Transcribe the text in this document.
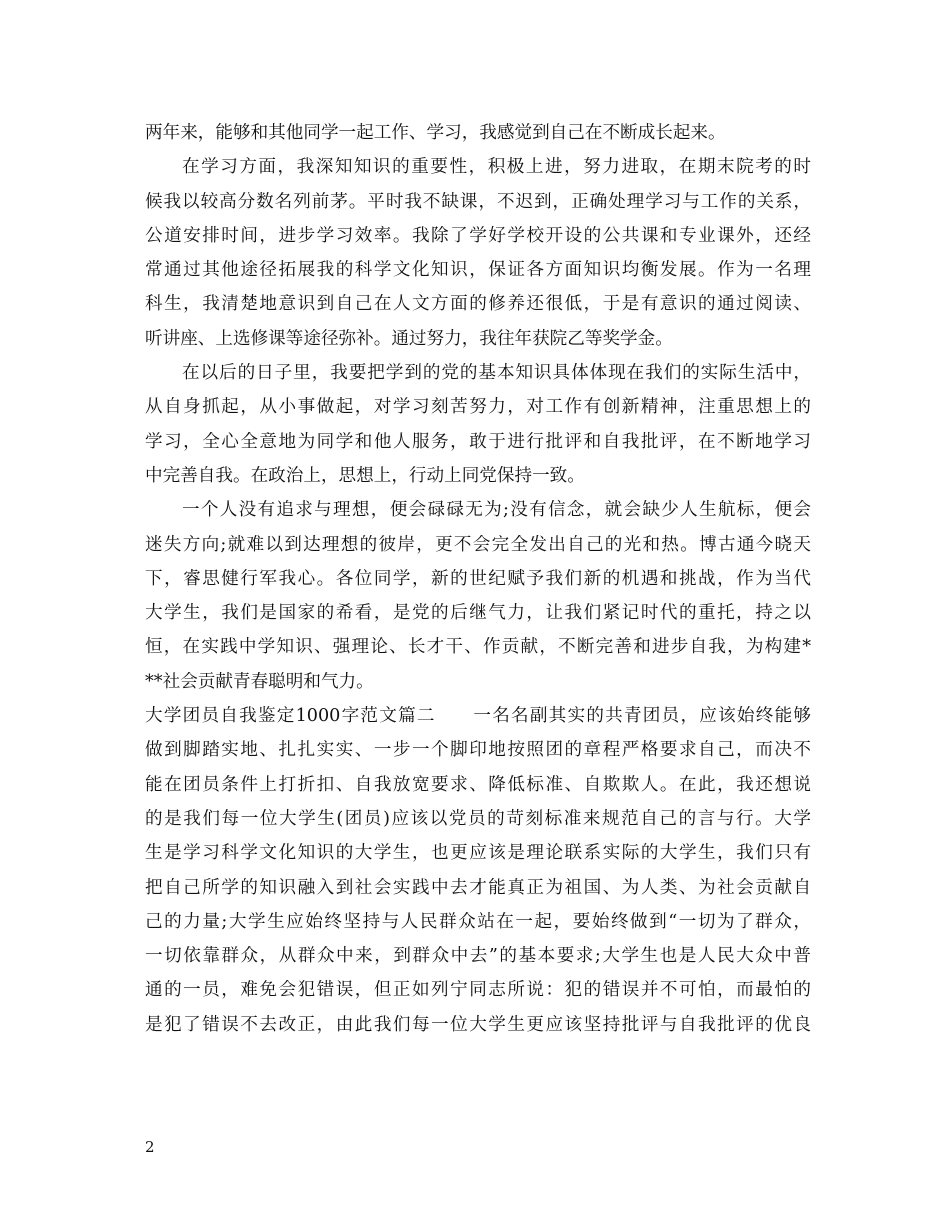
两年来，能够和其他同学一起工作、学习，我感觉到自己在不断成长起来。
在学习方面，我深知知识的重要性，积极上进，努力进取，在期末院考的时
候我以较高分数名列前茅。平时我不缺课，不迟到，正确处理学习与工作的关系，
公道安排时间，进步学习效率。我除了学好学校开设的公共课和专业课外，还经
常通过其他途径拓展我的科学文化知识，保证各方面知识均衡发展。作为一名理
科生，我清楚地意识到自己在人文方面的修养还很低，于是有意识的通过阅读、
听讲座、上选修课等途径弥补。通过努力，我往年获院乙等奖学金。
在以后的日子里，我要把学到的党的基本知识具体体现在我们的实际生活中，
从自身抓起，从小事做起，对学习刻苦努力，对工作有创新精神，注重思想上的
学习，全心全意地为同学和他人服务，敢于进行批评和自我批评，在不断地学习
中完善自我。在政治上，思想上，行动上同党保持一致。
一个人没有追求与理想，便会碌碌无为;没有信念，就会缺少人生航标，便会
迷失方向;就难以到达理想的彼岸，更不会完全发出自己的光和热。博古通今晓天
下，睿思健行军我心。各位同学，新的世纪赋予我们新的机遇和挑战，作为当代
大学生，我们是国家的希看，是党的后继气力，让我们紧记时代的重托，持之以
恒，在实践中学知识、强理论、长才干、作贡献，不断完善和进步自我，为构建*
**社会贡献青春聪明和气力。
大学团员自我鉴定1000字范文篇二　　一名名副其实的共青团员，应该始终能够
做到脚踏实地、扎扎实实、一步一个脚印地按照团的章程严格要求自己，而决不
能在团员条件上打折扣、自我放宽要求、降低标准、自欺欺人。在此，我还想说
的是我们每一位大学生(团员)应该以党员的苛刻标准来规范自己的言与行。大学
生是学习科学文化知识的大学生，也更应该是理论联系实际的大学生，我们只有
把自己所学的知识融入到社会实践中去才能真正为祖国、为人类、为社会贡献自
己的力量;大学生应始终坚持与人民群众站在一起，要始终做到“一切为了群众，
一切依靠群众，从群众中来，到群众中去”的基本要求;大学生也是人民大众中普
通的一员，难免会犯错误，但正如列宁同志所说：犯的错误并不可怕，而最怕的
是犯了错误不去改正，由此我们每一位大学生更应该坚持批评与自我批评的优良
2
